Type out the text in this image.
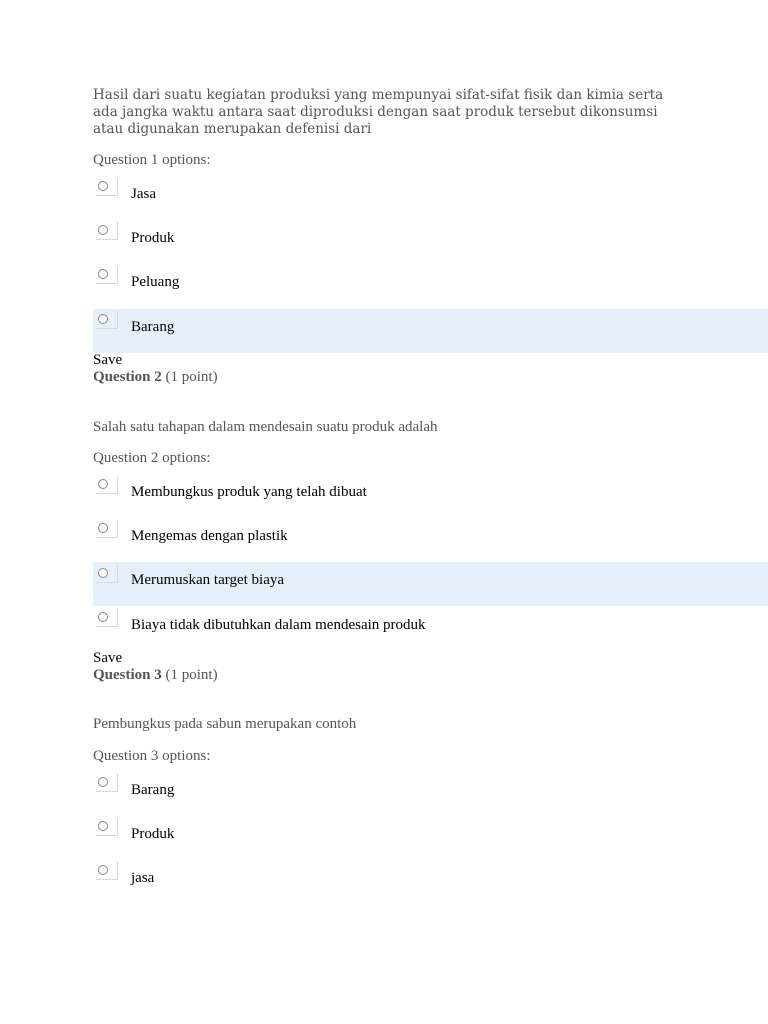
Hasil dari suatu kegiatan produksi yang mempunyai sifat-sifat fisik dan kimia serta ada jangka waktu antara saat diproduksi dengan saat produk tersebut dikonsumsi atau digunakan merupakan defenisi dari
Question 1 options:
Jasa
Produk
Peluang
Barang
Save
Question 2 (1 point)
Salah satu tahapan dalam mendesain suatu produk adalah
Question 2 options:
Membungkus produk yang telah dibuat
Mengemas dengan plastik
Merumuskan target biaya
Biaya tidak dibutuhkan dalam mendesain produk
Save
Question 3 (1 point)
Pembungkus pada sabun merupakan contoh
Question 3 options:
Barang
Produk
jasa
